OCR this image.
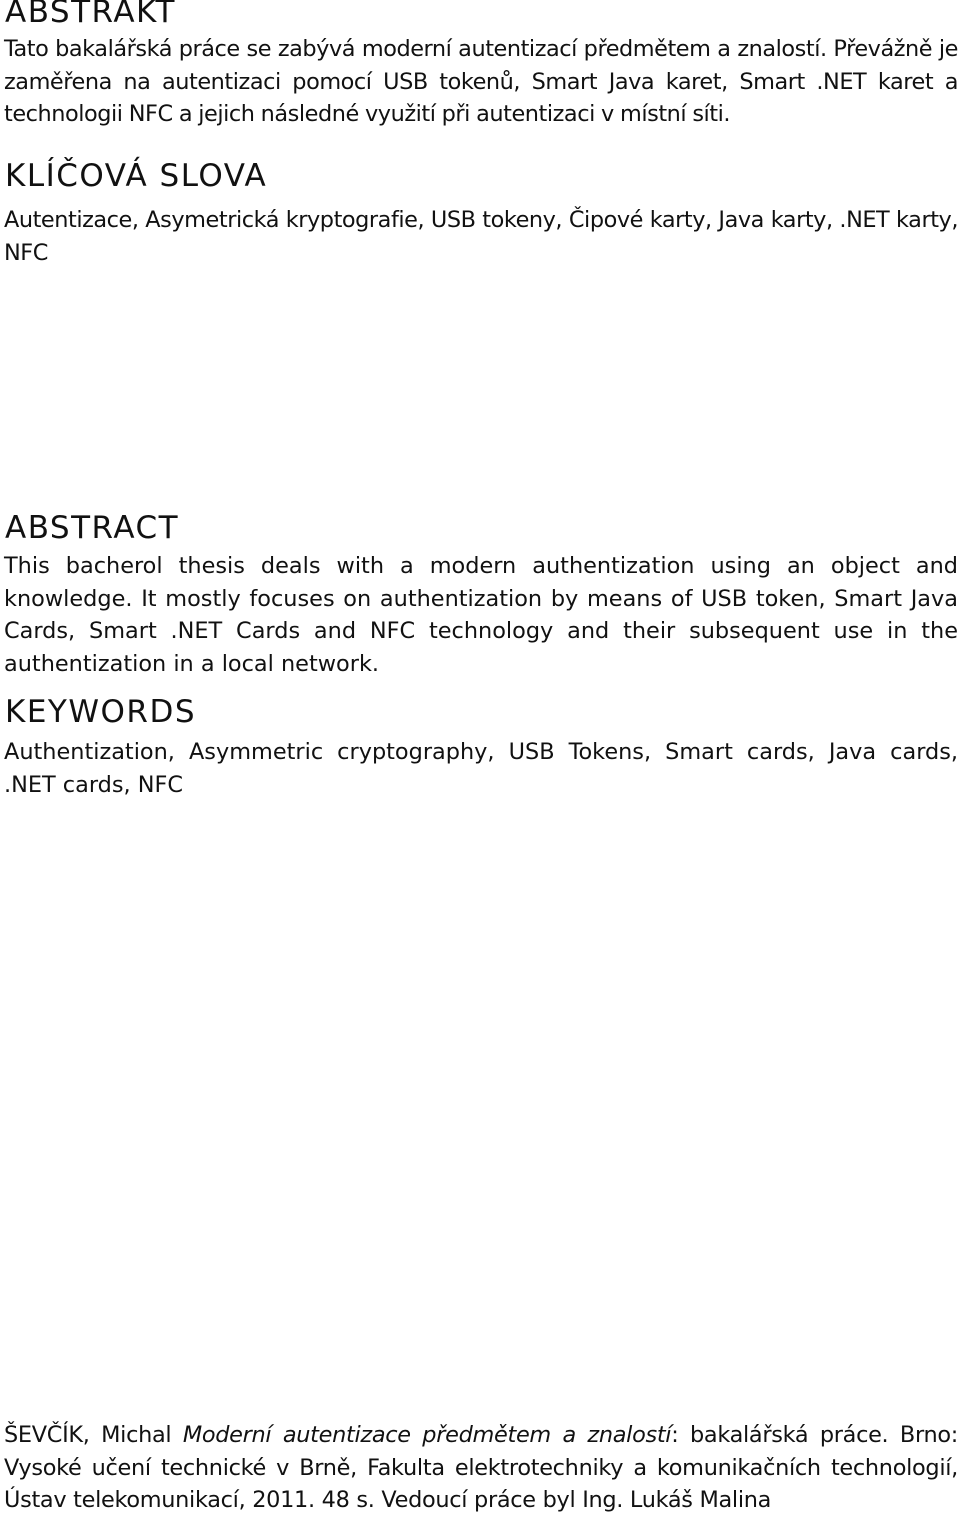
ABSTRAKT

Tato bakalářská práce se zabývá moderní autentizací předmětem a znalostí. Převážně je zaměřena na autentizaci pomocí USB tokenů, Smart Java karet, Smart .NET karet a technologii NFC a jejich následné využití při autentizaci v místní síti.

KLÍČOVÁ SLOVA

Autentizace, Asymetrická kryptografie, USB tokeny, Čipové karty, Java karty, .NET karty, NFC

ABSTRACT

This bacherol thesis deals with a modern authentization using an object and knowledge. It mostly focuses on authentization by means of USB token, Smart Java Cards, Smart .NET Cards and NFC technology and their subsequent use in the authentization in a local network.

KEYWORDS

Authentization, Asymmetric cryptography, USB Tokens, Smart cards, Java cards, .NET cards, NFC

ŠEVČÍK, Michal Moderní autentizace předmětem a znalostí: bakalářská práce. Brno: Vysoké učení technické v Brně, Fakulta elektrotechniky a komunikačních technologií, Ústav telekomunikací, 2011. 48 s. Vedoucí práce byl Ing. Lukáš Malina
